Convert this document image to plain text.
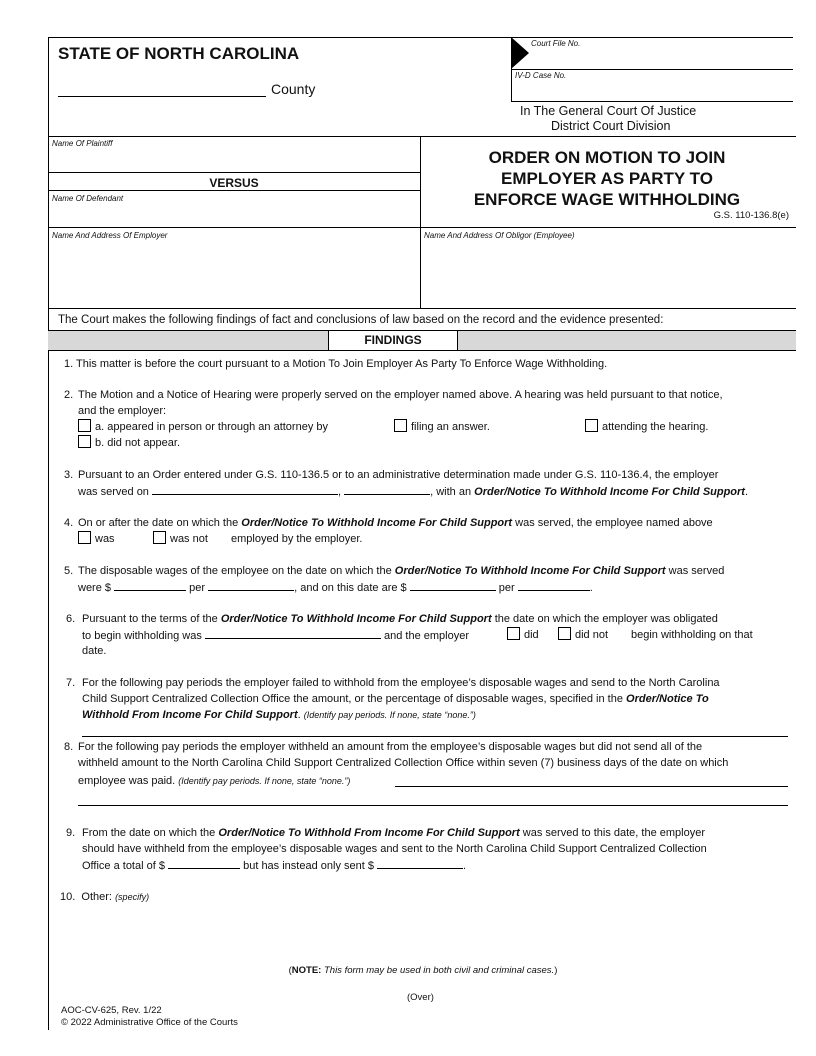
STATE OF NORTH CAROLINA
County
Court File No.
IV-D Case No.
In The General Court Of Justice
District Court Division
Name Of Plaintiff
VERSUS
Name Of Defendant
ORDER ON MOTION TO JOIN
EMPLOYER AS PARTY TO
ENFORCE WAGE WITHHOLDING
G.S. 110-136.8(e)
Name And Address Of Employer	Name And Address Of Obligor (Employee)
The Court makes the following findings of fact and conclusions of law based on the record and the evidence presented:
FINDINGS
1. This matter is before the court pursuant to a Motion To Join Employer As Party To Enforce Wage Withholding.
2. The Motion and a Notice of Hearing were properly served on the employer named above. A hearing was held pursuant to that notice,
and the employer:
a. appeared in person or through an attorney by	filing an answer.	attending the hearing.
b. did not appear.
3. Pursuant to an Order entered under G.S. 110-136.5 or to an administrative determination made under G.S. 110-136.4, the employer
was served on	,	, with an Order/Notice To Withhold Income For Child Support.
4. On or after the date on which the Order/Notice To Withhold Income For Child Support was served, the employee named above
was	was not employed by the employer.
5. The disposable wages of the employee on the date on which the Order/Notice To Withhold Income For Child Support was served
were $	per	, and on this date are $	per	.
6. Pursuant to the terms of the Order/Notice To Withhold Income For Child Support the date on which the employer was obligated
to begin withholding was	and the employer	did	did not begin withholding on that
date.
7. For the following pay periods the employer failed to withhold from the employee’s disposable wages and send to the North Carolina
Child Support Centralized Collection Office the amount, or the percentage of disposable wages, specified in the Order/Notice To
Withhold From Income For Child Support. (Identify pay periods. If none, state “none.”)
8. For the following pay periods the employer withheld an amount from the employee’s disposable wages but did not send all of the
withheld amount to the North Carolina Child Support Centralized Collection Office within seven (7) business days of the date on which
employee was paid. (Identify pay periods. If none, state “none.”)
9. From the date on which the Order/Notice To Withhold From Income For Child Support was served to this date, the employer
should have withheld from the employee’s disposable wages and sent to the North Carolina Child Support Centralized Collection
Office a total of $	but has instead only sent $	.
10. Other: (specify)
(NOTE: This form may be used in both civil and criminal cases.)
(Over)
AOC-CV-625, Rev. 1/22
© 2022 Administrative Office of the Courts
